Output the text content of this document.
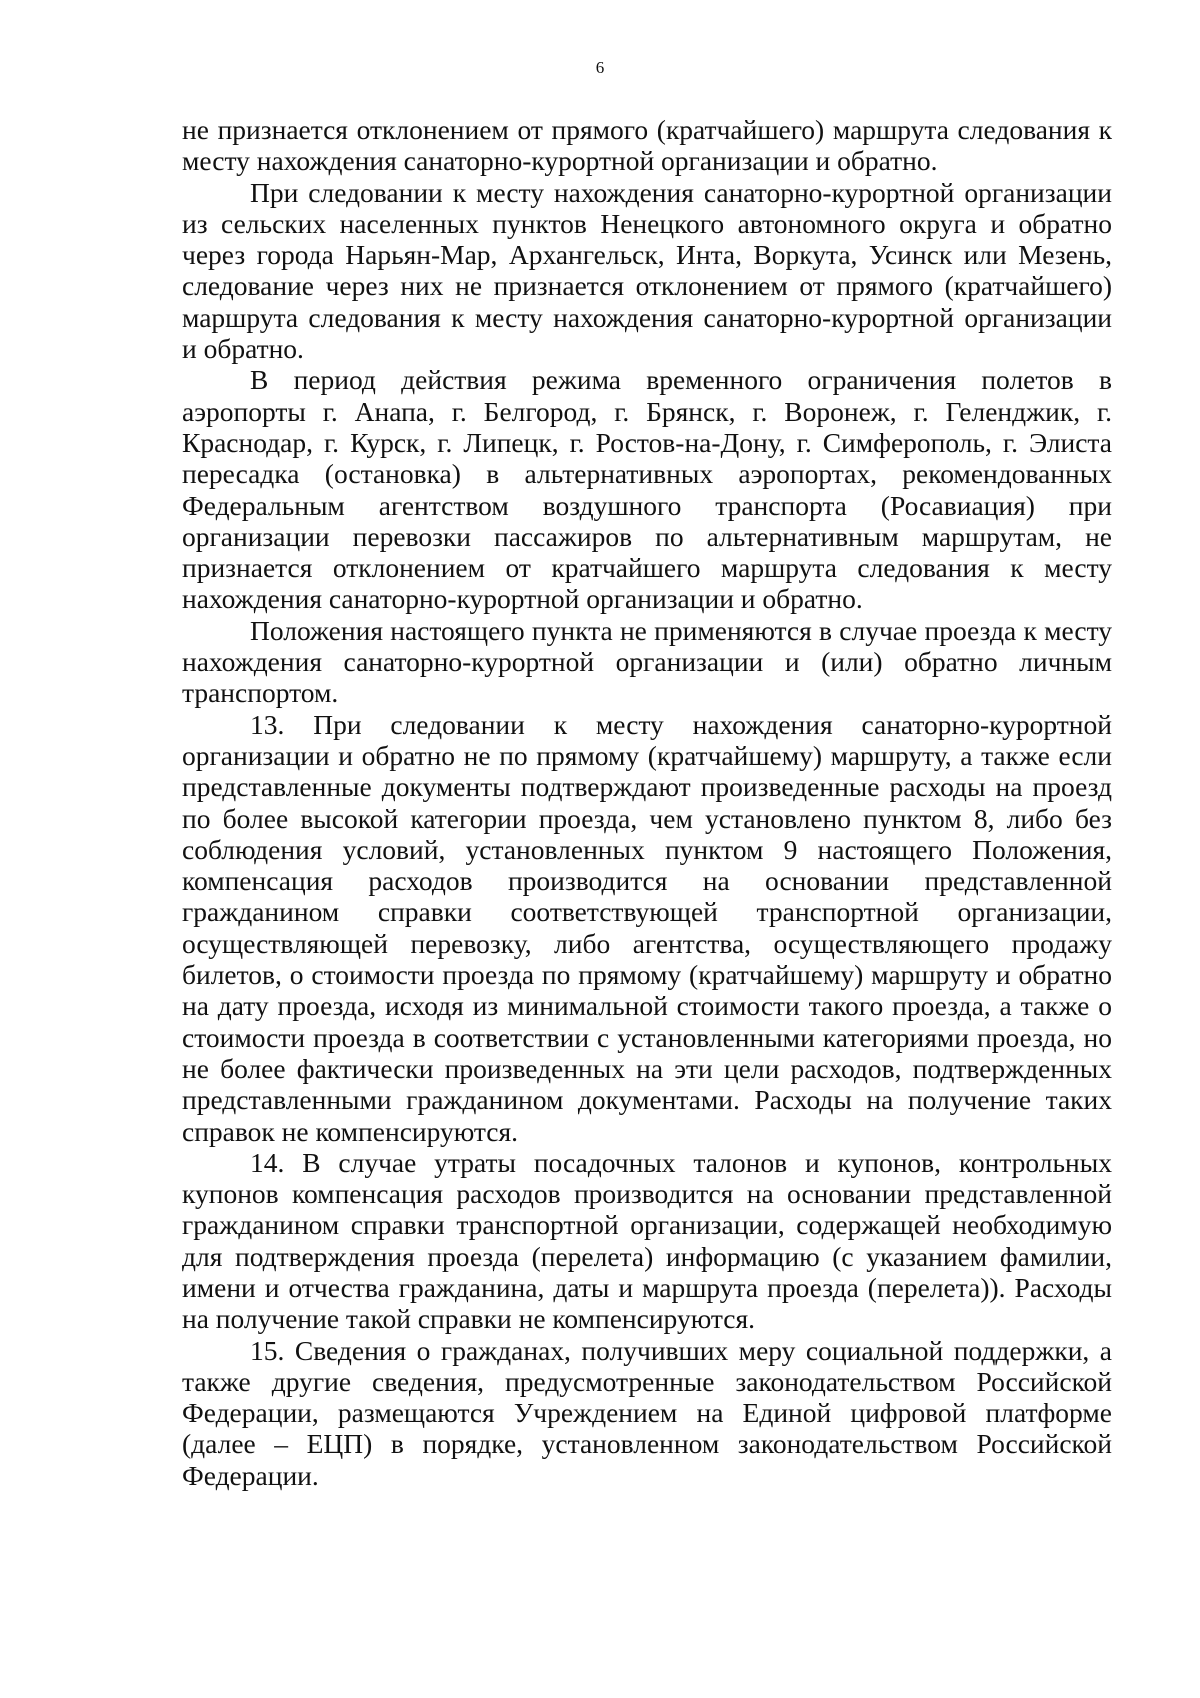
6

не признается отклонением от прямого (кратчайшего) маршрута следования к месту нахождения санаторно-курортной организации и обратно.

При следовании к месту нахождения санаторно-курортной организации из сельских населенных пунктов Ненецкого автономного округа и обратно через города Нарьян-Мар, Архангельск, Инта, Воркута, Усинск или Мезень, следование через них не признается отклонением от прямого (кратчайшего) маршрута следования к месту нахождения санаторно-курортной организации и обратно.

В период действия режима временного ограничения полетов в аэропорты г. Анапа, г. Белгород, г. Брянск, г. Воронеж, г. Геленджик, г. Краснодар, г. Курск, г. Липецк, г. Ростов-на-Дону, г. Симферополь, г. Элиста пересадка (остановка) в альтернативных аэропортах, рекомендованных Федеральным агентством воздушного транспорта (Росавиация) при организации перевозки пассажиров по альтернативным маршрутам, не признается отклонением от кратчайшего маршрута следования к месту нахождения санаторно-курортной организации и обратно.

Положения настоящего пункта не применяются в случае проезда к месту нахождения санаторно-курортной организации и (или) обратно личным транспортом.

13. При следовании к месту нахождения санаторно-курортной организации и обратно не по прямому (кратчайшему) маршруту, а также если представленные документы подтверждают произведенные расходы на проезд по более высокой категории проезда, чем установлено пунктом 8, либо без соблюдения условий, установленных пунктом 9 настоящего Положения, компенсация расходов производится на основании представленной гражданином справки соответствующей транспортной организации, осуществляющей перевозку, либо агентства, осуществляющего продажу билетов, о стоимости проезда по прямому (кратчайшему) маршруту и обратно на дату проезда, исходя из минимальной стоимости такого проезда, а также о стоимости проезда в соответствии с установленными категориями проезда, но не более фактически произведенных на эти цели расходов, подтвержденных представленными гражданином документами. Расходы на получение таких справок не компенсируются.

14. В случае утраты посадочных талонов и купонов, контрольных купонов компенсация расходов производится на основании представленной гражданином справки транспортной организации, содержащей необходимую для подтверждения проезда (перелета) информацию (с указанием фамилии, имени и отчества гражданина, даты и маршрута проезда (перелета)). Расходы на получение такой справки не компенсируются.

15. Сведения о гражданах, получивших меру социальной поддержки, а также другие сведения, предусмотренные законодательством Российской Федерации, размещаются Учреждением на Единой цифровой платформе (далее – ЕЦП) в порядке, установленном законодательством Российской Федерации.
